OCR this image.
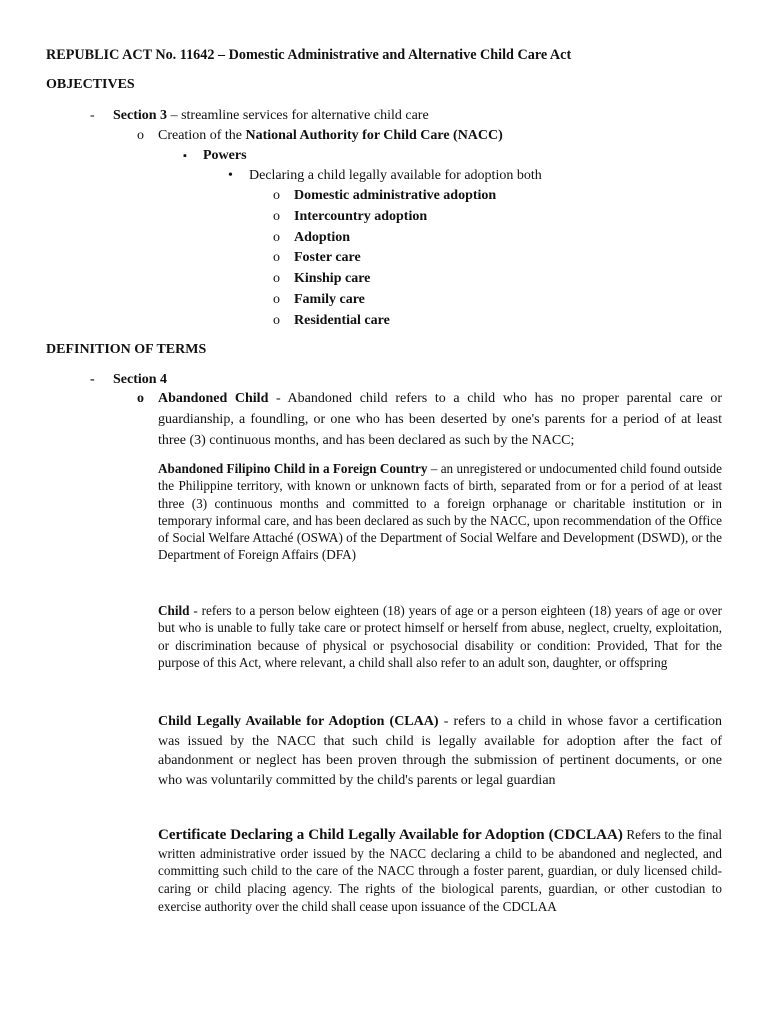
REPUBLIC ACT No. 11642 – Domestic Administrative and Alternative Child Care Act
OBJECTIVES
- Section 3 – streamline services for alternative child care
o Creation of the National Authority for Child Care (NACC)
▪ Powers
• Declaring a child legally available for adoption both
o Domestic administrative adoption
o Intercountry adoption
o Adoption
o Foster care
o Kinship care
o Family care
o Residential care
DEFINITION OF TERMS
- Section 4
o Abandoned Child - Abandoned child refers to a child who has no proper parental care or guardianship, a foundling, or one who has been deserted by one's parents for a period of at least three (3) continuous months, and has been declared as such by the NACC;
Abandoned Filipino Child in a Foreign Country – an unregistered or undocumented child found outside the Philippine territory, with known or unknown facts of birth, separated from or for a period of at least three (3) continuous months and committed to a foreign orphanage or charitable institution or in temporary informal care, and has been declared as such by the NACC, upon recommendation of the Office of Social Welfare Attaché (OSWA) of the Department of Social Welfare and Development (DSWD), or the Department of Foreign Affairs (DFA)
Child - refers to a person below eighteen (18) years of age or a person eighteen (18) years of age or over but who is unable to fully take care or protect himself or herself from abuse, neglect, cruelty, exploitation, or discrimination because of physical or psychosocial disability or condition: Provided, That for the purpose of this Act, where relevant, a child shall also refer to an adult son, daughter, or offspring
Child Legally Available for Adoption (CLAA) - refers to a child in whose favor a certification was issued by the NACC that such child is legally available for adoption after the fact of abandonment or neglect has been proven through the submission of pertinent documents, or one who was voluntarily committed by the child's parents or legal guardian
Certificate Declaring a Child Legally Available for Adoption (CDCLAA) Refers to the final written administrative order issued by the NACC declaring a child to be abandoned and neglected, and committing such child to the care of the NACC through a foster parent, guardian, or duly licensed child-caring or child placing agency. The rights of the biological parents, guardian, or other custodian to exercise authority over the child shall cease upon issuance of the CDCLAA
